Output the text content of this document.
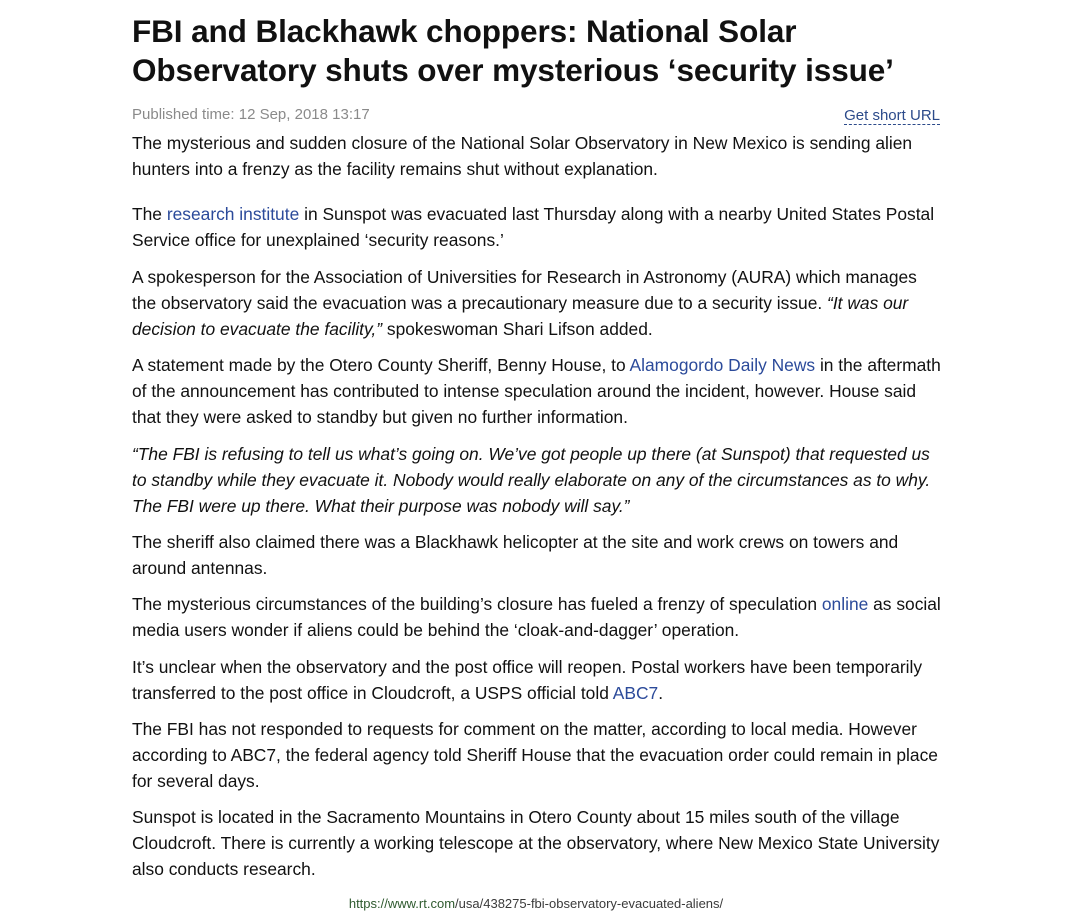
FBI and Blackhawk choppers: National Solar Observatory shuts over mysterious ‘security issue’
Published time: 12 Sep, 2018 13:17	Get short URL

The mysterious and sudden closure of the National Solar Observatory in New Mexico is sending alien hunters into a frenzy as the facility remains shut without explanation.

The research institute in Sunspot was evacuated last Thursday along with a nearby United States Postal Service office for unexplained ‘security reasons.’

A spokesperson for the Association of Universities for Research in Astronomy (AURA) which manages the observatory said the evacuation was a precautionary measure due to a security issue. “It was our decision to evacuate the facility,” spokeswoman Shari Lifson added.

A statement made by the Otero County Sheriff, Benny House, to Alamogordo Daily News in the aftermath of the announcement has contributed to intense speculation around the incident, however. House said that they were asked to standby but given no further information.

“The FBI is refusing to tell us what’s going on. We’ve got people up there (at Sunspot) that requested us to standby while they evacuate it. Nobody would really elaborate on any of the circumstances as to why. The FBI were up there. What their purpose was nobody will say.”

The sheriff also claimed there was a Blackhawk helicopter at the site and work crews on towers and around antennas.

The mysterious circumstances of the building’s closure has fueled a frenzy of speculation online as social media users wonder if aliens could be behind the ‘cloak-and-dagger’ operation.

It’s unclear when the observatory and the post office will reopen. Postal workers have been temporarily transferred to the post office in Cloudcroft, a USPS official told ABC7.

The FBI has not responded to requests for comment on the matter, according to local media. However according to ABC7, the federal agency told Sheriff House that the evacuation order could remain in place for several days.

Sunspot is located in the Sacramento Mountains in Otero County about 15 miles south of the village Cloudcroft. There is currently a working telescope at the observatory, where New Mexico State University also conducts research.

https://www.rt.com/usa/438275-fbi-observatory-evacuated-aliens/
